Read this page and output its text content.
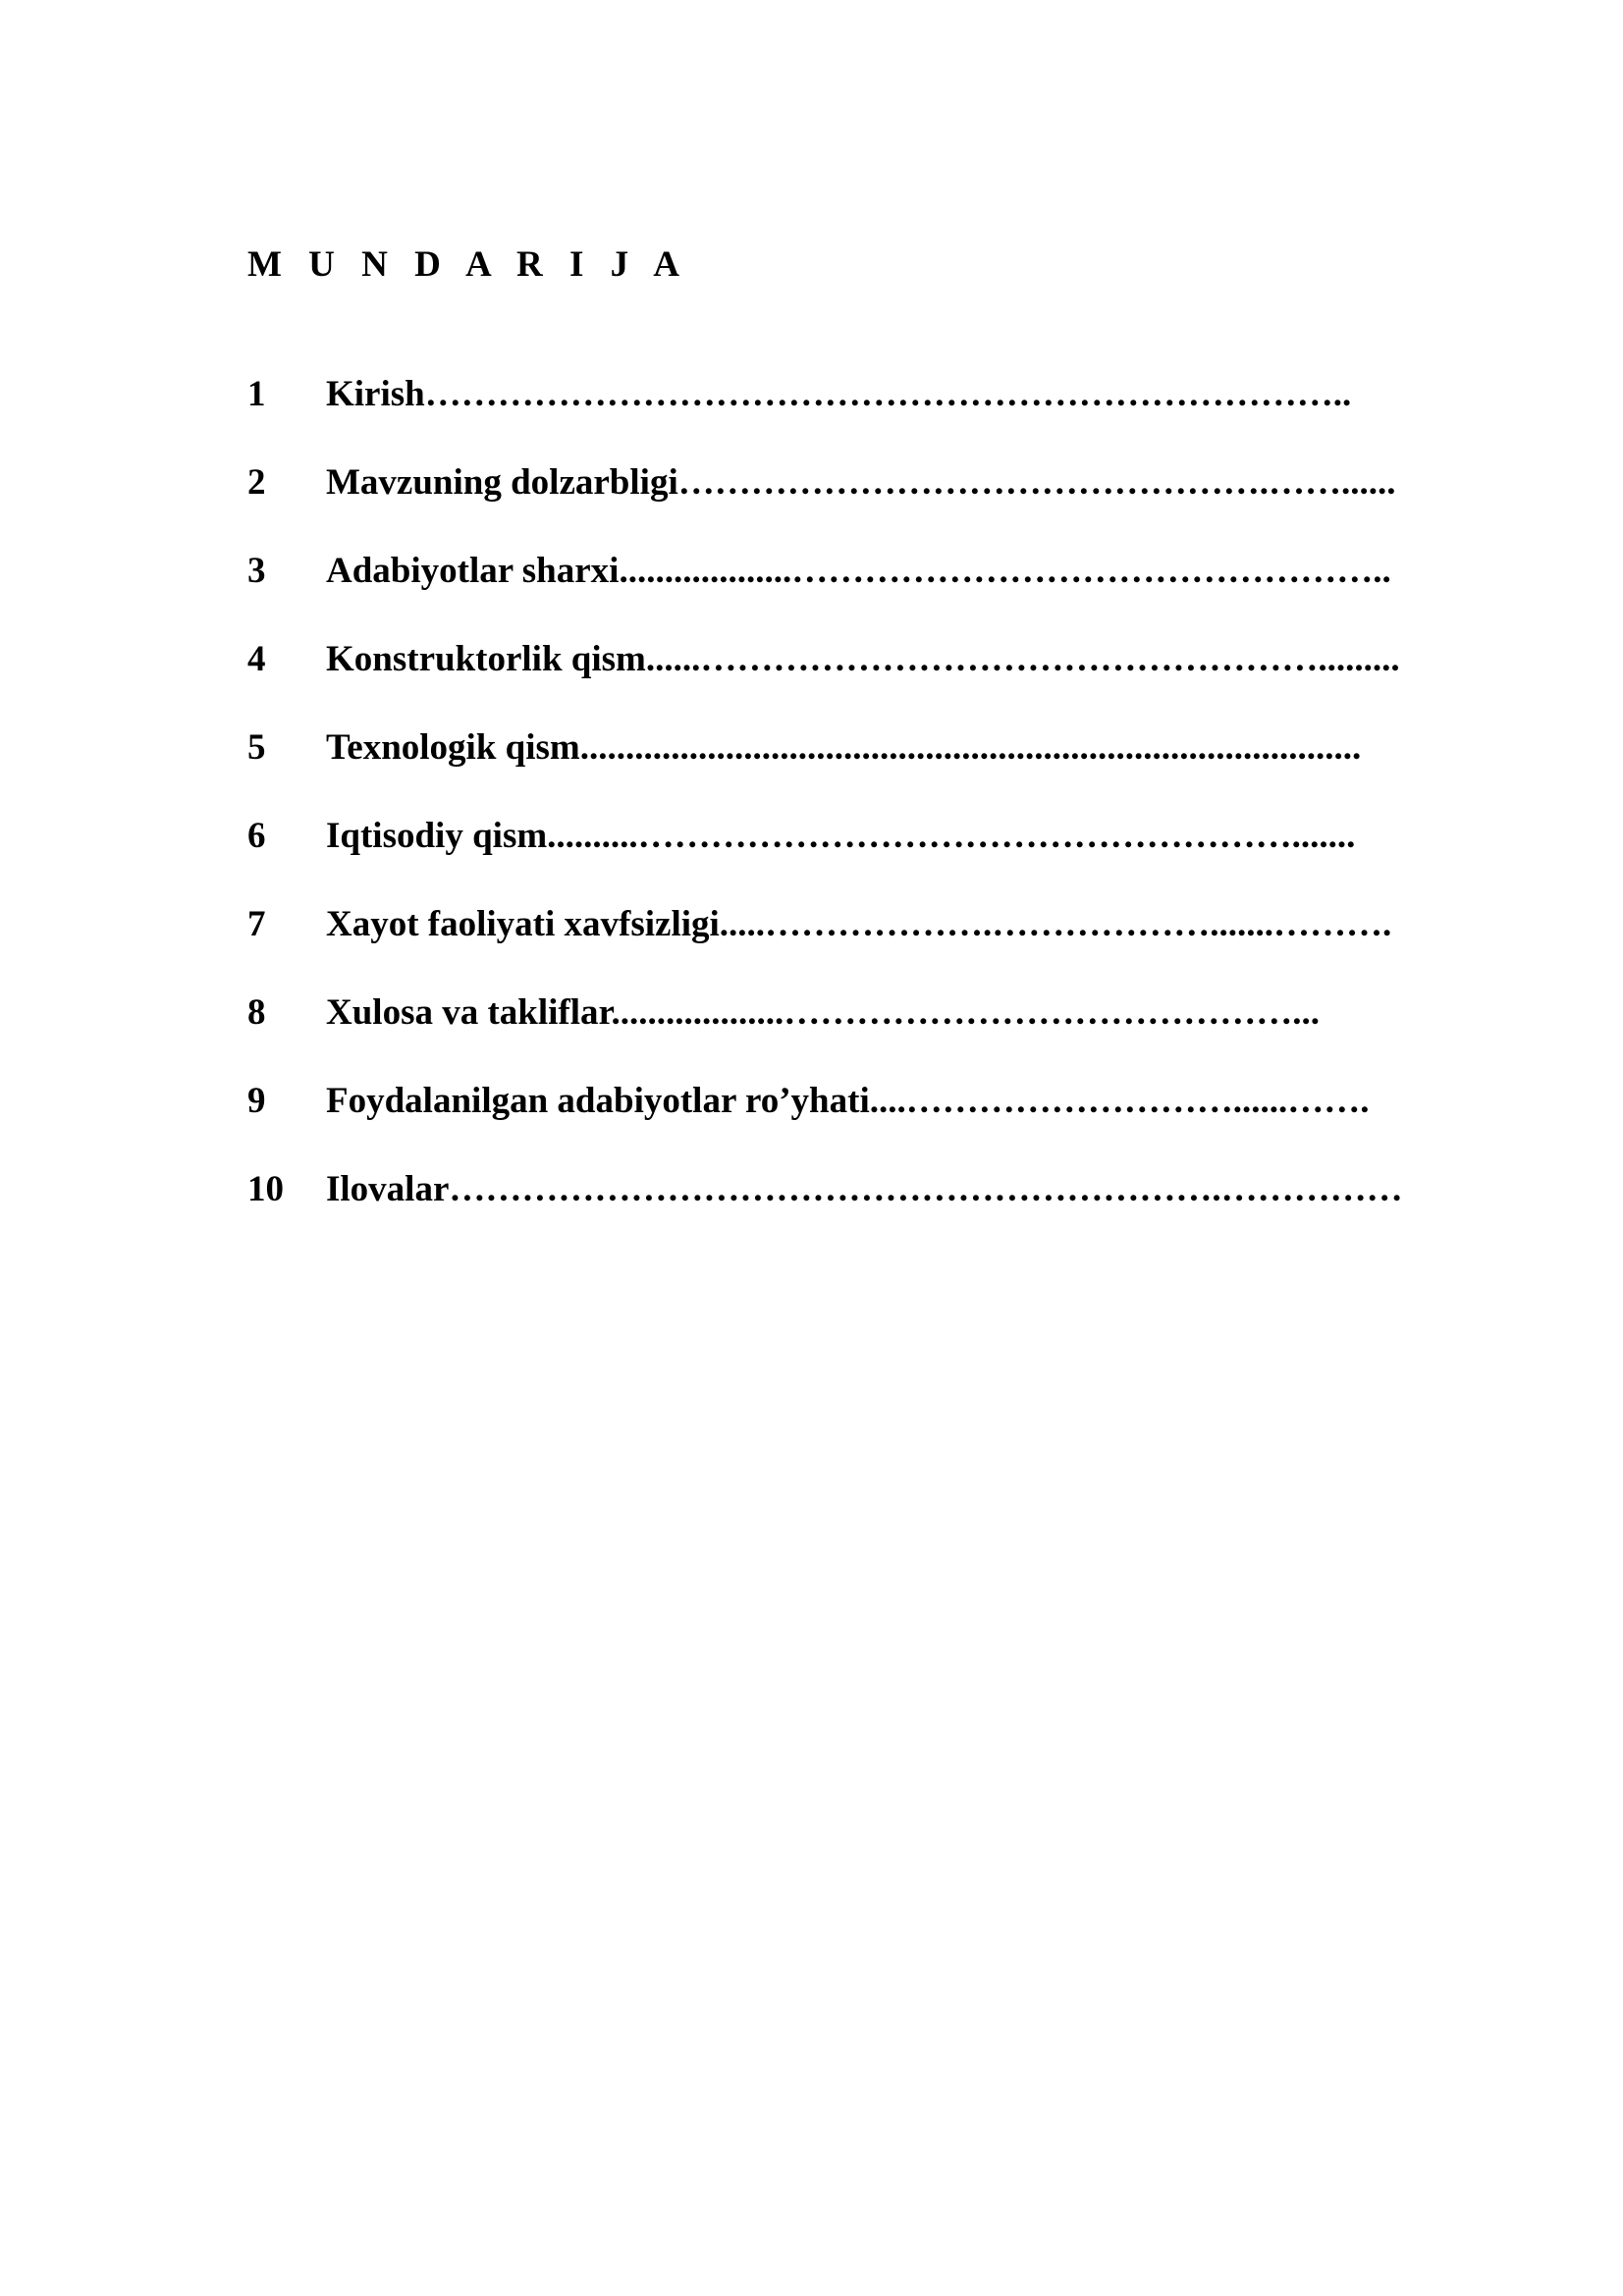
M U N D A R I J A
1	Kirish…………………………………………………………………..
2	Mavzuning dolzarbligi………………………………………….……......
3	Adabiyotlar sharxi...................…………………………………………..
4	Konstruktorlik qism......…………………………………………….........
5	Texnologik qism......................................................................................
6	Iqtisodiy qism..........……………………………………………….......
7	Xayot faoliyati xavfsizligi.....……………….……………….......……….
8	Xulosa va takliflar...................……………………………………...
9	Foydalanilgan adabiyotlar ro’yhati....………………………......…….
10	Ilovalar……………………………………………………….……………
